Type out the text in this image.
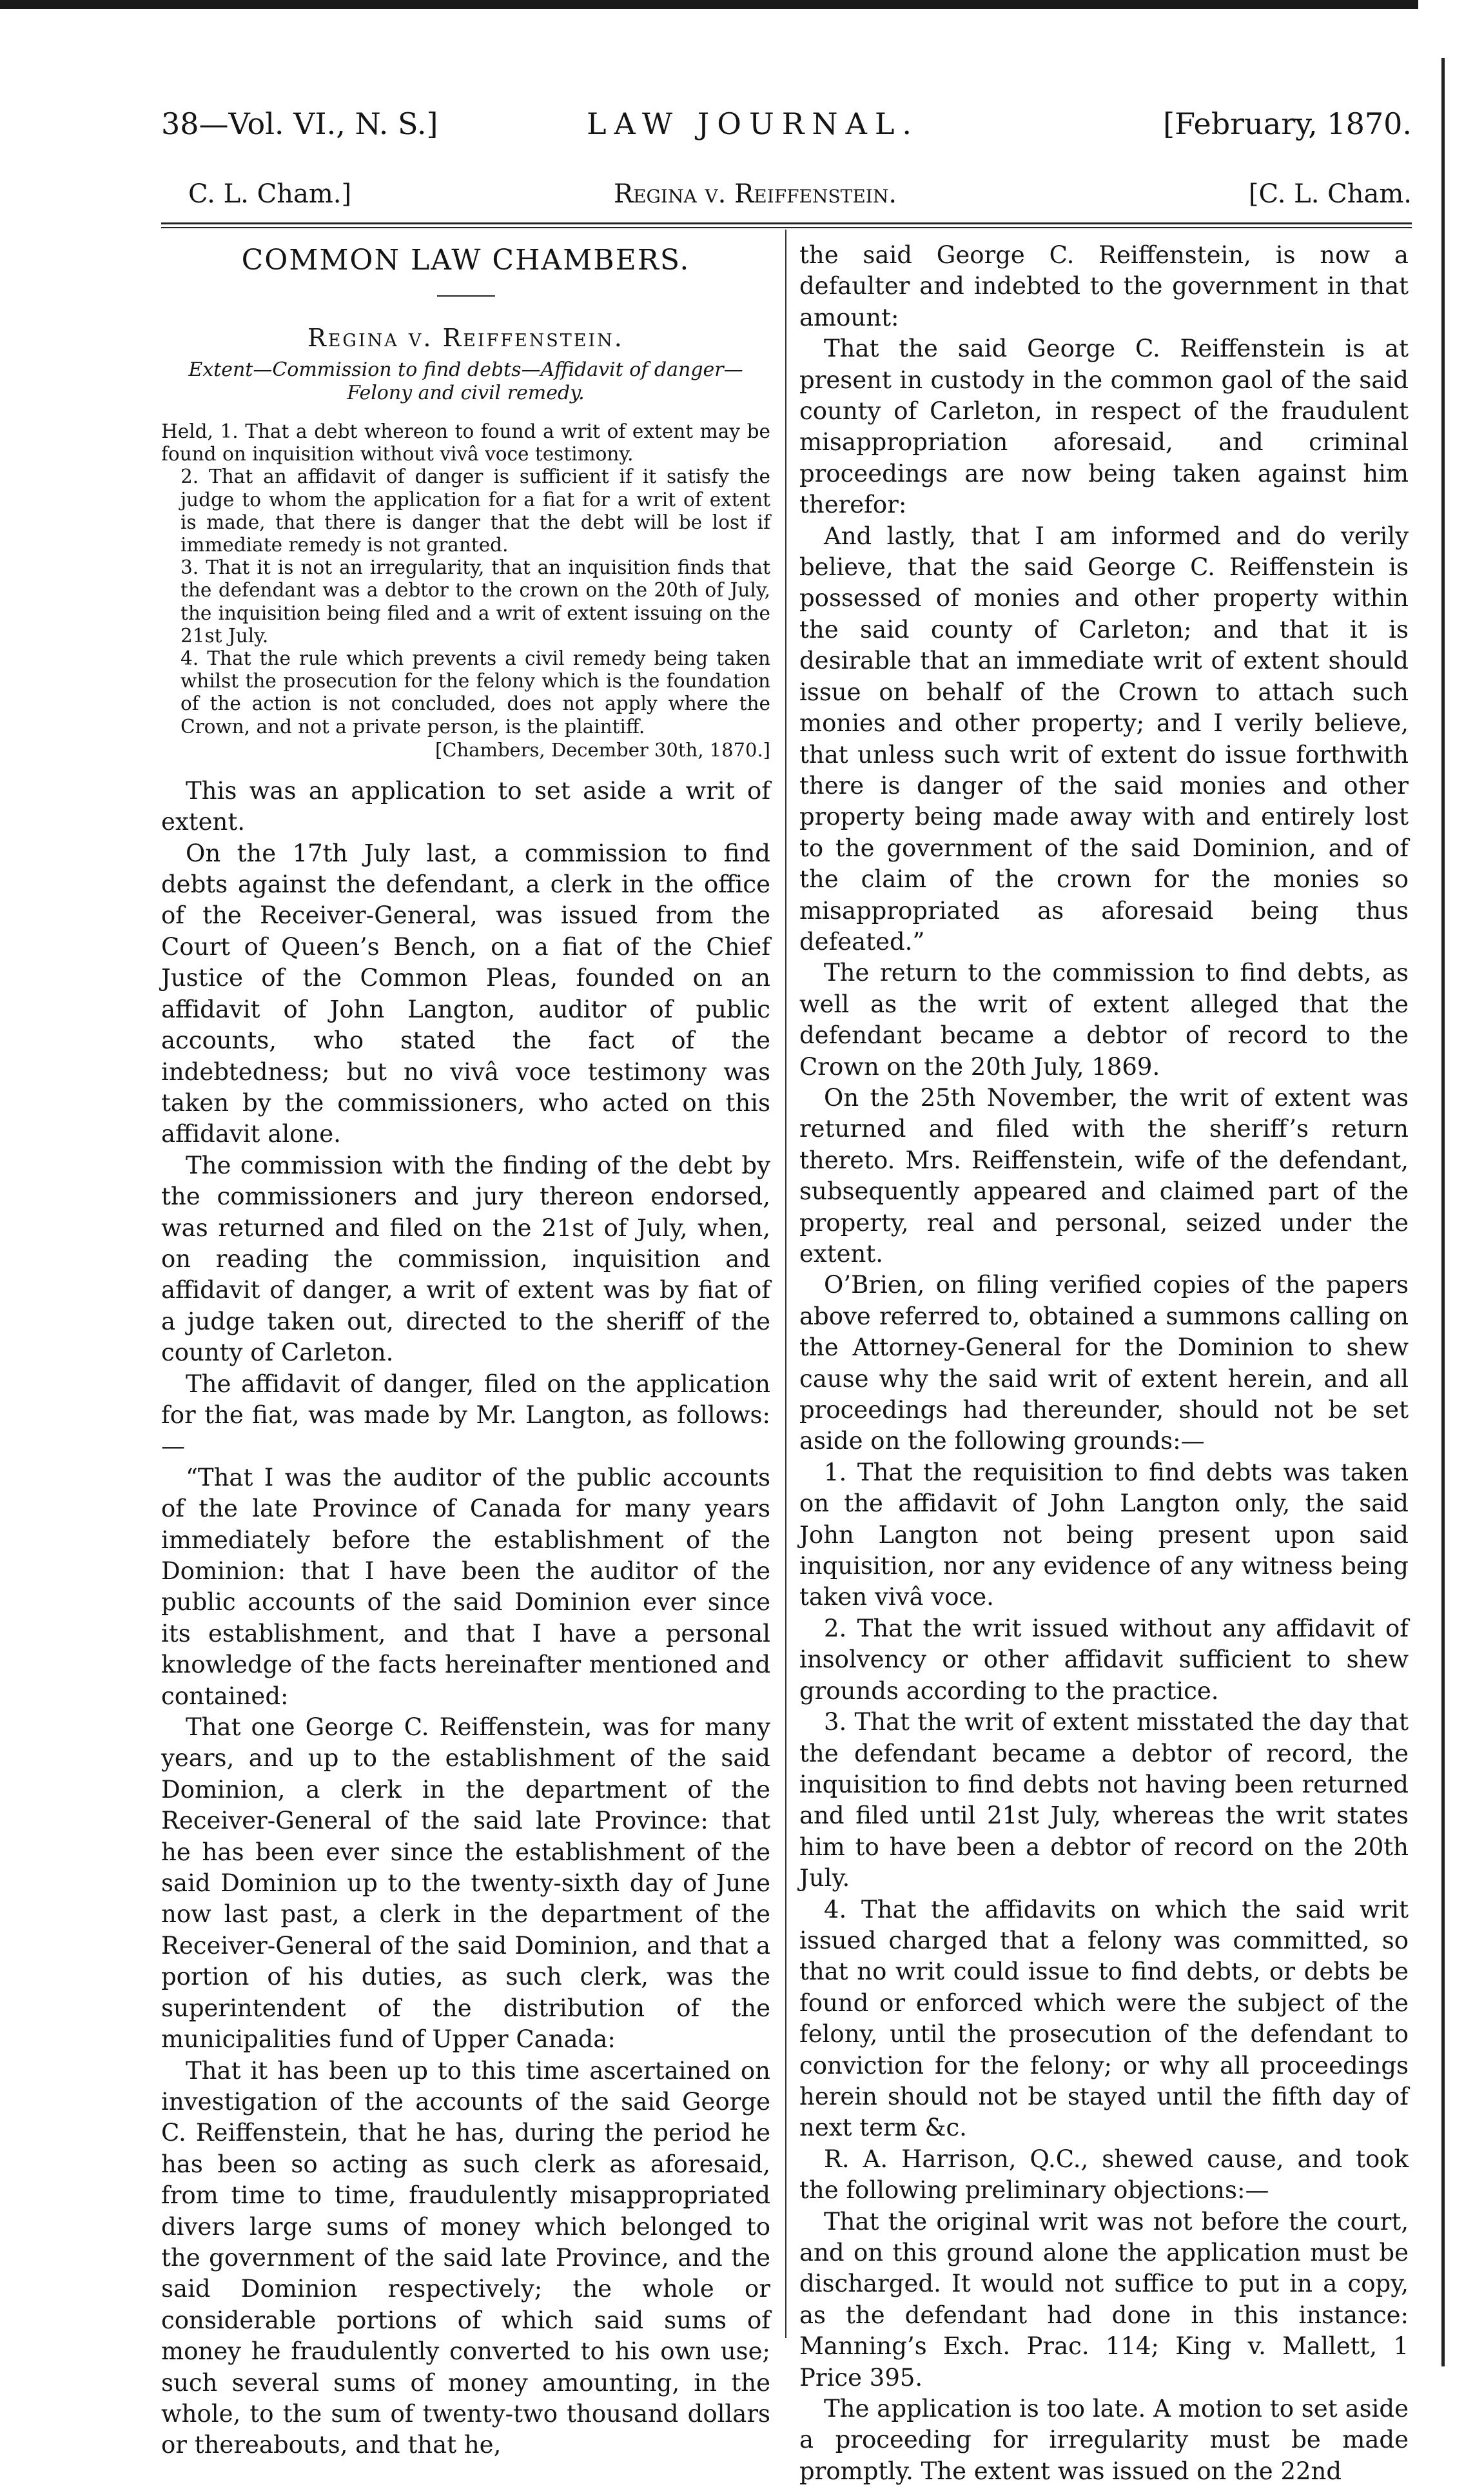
38—Vol. VI., N. S.]	LAW JOURNAL.	[February, 1870.
C. L. Cham.]	Regina v. Reiffenstein.	[C. L. Cham.
COMMON LAW CHAMBERS.
Regina v. Reiffenstein.
Extent—Commission to find debts—Affidavit of danger—Felony and civil remedy.

Held, 1. That a debt whereon to found a writ of extent may be found on inquisition without vivâ voce testimony.

2. That an affidavit of danger is sufficient if it satisfy the judge to whom the application for a fiat for a writ of extent is made, that there is danger that the debt will be lost if immediate remedy is not granted.

3. That it is not an irregularity, that an inquisition finds that the defendant was a debtor to the crown on the 20th of July, the inquisition being filed and a writ of extent issuing on the 21st July.

4. That the rule which prevents a civil remedy being taken whilst the prosecution for the felony which is the foundation of the action is not concluded, does not apply where the Crown, and not a private person, is the plaintiff.

[Chambers, December 30th, 1870.]

This was an application to set aside a writ of extent.

On the 17th July last, a commission to find debts against the defendant, a clerk in the office of the Receiver-General, was issued from the Court of Queen’s Bench, on a fiat of the Chief Justice of the Common Pleas, founded on an affidavit of John Langton, auditor of public accounts, who stated the fact of the indebtedness; but no vivâ voce testimony was taken by the commissioners, who acted on this affidavit alone.

The commission with the finding of the debt by the commissioners and jury thereon endorsed, was returned and filed on the 21st of July, when, on reading the commission, inquisition and affidavit of danger, a writ of extent was by fiat of a judge taken out, directed to the sheriff of the county of Carleton.

The affidavit of danger, filed on the application for the fiat, was made by Mr. Langton, as follows:—

“That I was the auditor of the public accounts of the late Province of Canada for many years immediately before the establishment of the Dominion: that I have been the auditor of the public accounts of the said Dominion ever since its establishment, and that I have a personal knowledge of the facts hereinafter mentioned and contained:

That one George C. Reiffenstein, was for many years, and up to the establishment of the said Dominion, a clerk in the department of the Receiver-General of the said late Province: that he has been ever since the establishment of the said Dominion up to the twenty-sixth day of June now last past, a clerk in the department of the Receiver-General of the said Dominion, and that a portion of his duties, as such clerk, was the superintendent of the distribution of the municipalities fund of Upper Canada:

That it has been up to this time ascertained on investigation of the accounts of the said George C. Reiffenstein, that he has, during the period he has been so acting as such clerk as aforesaid, from time to time, fraudulently misappropriated divers large sums of money which belonged to the government of the said late Province, and the said Dominion respectively; the whole or considerable portions of which said sums of money he fraudulently converted to his own use; such several sums of money amounting, in the whole, to the sum of twenty-two thousand dollars or thereabouts, and that he,

the said George C. Reiffenstein, is now a defaulter and indebted to the government in that amount:

That the said George C. Reiffenstein is at present in custody in the common gaol of the said county of Carleton, in respect of the fraudulent misappropriation aforesaid, and criminal proceedings are now being taken against him therefor:

And lastly, that I am informed and do verily believe, that the said George C. Reiffenstein is possessed of monies and other property within the said county of Carleton; and that it is desirable that an immediate writ of extent should issue on behalf of the Crown to attach such monies and other property; and I verily believe, that unless such writ of extent do issue forthwith there is danger of the said monies and other property being made away with and entirely lost to the government of the said Dominion, and of the claim of the crown for the monies so misappropriated as aforesaid being thus defeated.”

The return to the commission to find debts, as well as the writ of extent alleged that the defendant became a debtor of record to the Crown on the 20th July, 1869.

On the 25th November, the writ of extent was returned and filed with the sheriff’s return thereto. Mrs. Reiffenstein, wife of the defendant, subsequently appeared and claimed part of the property, real and personal, seized under the extent.

O’Brien, on filing verified copies of the papers above referred to, obtained a summons calling on the Attorney-General for the Dominion to shew cause why the said writ of extent herein, and all proceedings had thereunder, should not be set aside on the following grounds:—

1. That the requisition to find debts was taken on the affidavit of John Langton only, the said John Langton not being present upon said inquisition, nor any evidence of any witness being taken vivâ voce.

2. That the writ issued without any affidavit of insolvency or other affidavit sufficient to shew grounds according to the practice.

3. That the writ of extent misstated the day that the defendant became a debtor of record, the inquisition to find debts not having been returned and filed until 21st July, whereas the writ states him to have been a debtor of record on the 20th July.

4. That the affidavits on which the said writ issued charged that a felony was committed, so that no writ could issue to find debts, or debts be found or enforced which were the subject of the felony, until the prosecution of the defendant to conviction for the felony; or why all proceedings herein should not be stayed until the fifth day of next term &c.

R. A. Harrison, Q.C., shewed cause, and took the following preliminary objections:—

That the original writ was not before the court, and on this ground alone the application must be discharged. It would not suffice to put in a copy, as the defendant had done in this instance: Manning’s Exch. Prac. 114; King v. Mallett, 1 Price 395.

The application is too late. A motion to set aside a proceeding for irregularity must be made promptly. The extent was issued on the 22nd
